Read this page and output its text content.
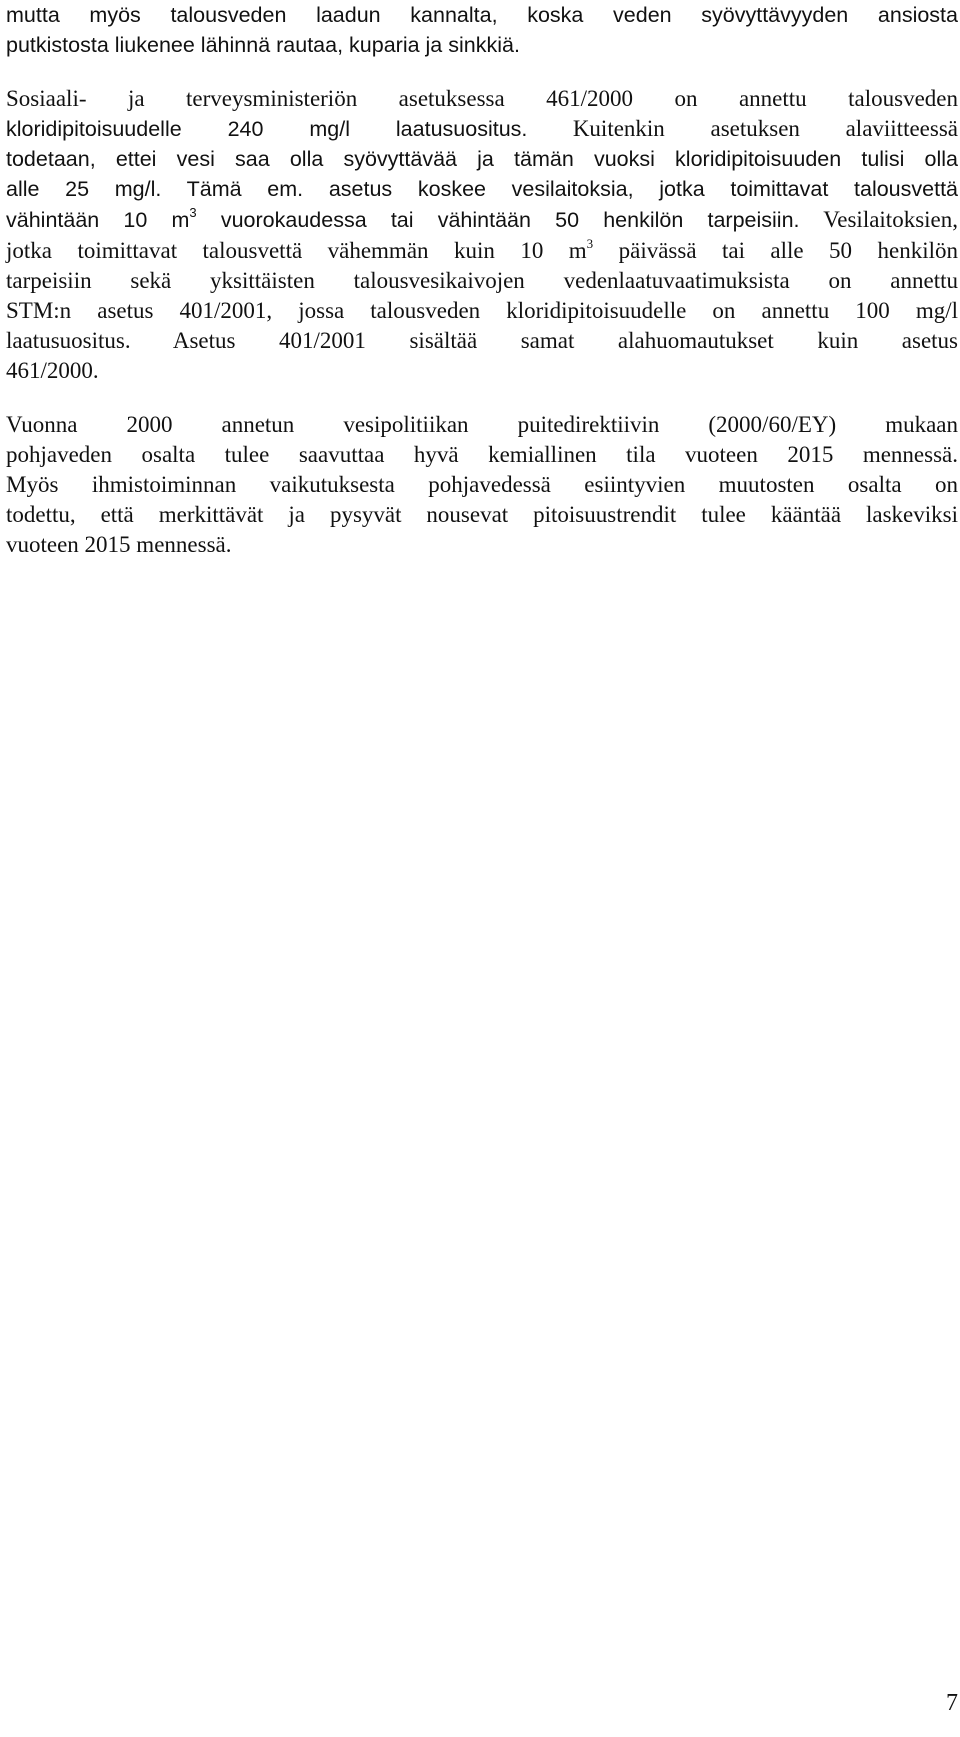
mutta myös talousveden laadun kannalta, koska veden syövyttävyyden ansiosta
putkistosta liukenee lähinnä rautaa, kuparia ja sinkkiä.
Sosiaali- ja terveysministeriön asetuksessa 461/2000 on annettu talousveden
kloridipitoisuudelle 240 mg/l laatusuositus. Kuitenkin asetuksen alaviitteessä
todetaan, ettei vesi saa olla syövyttävää ja tämän vuoksi kloridipitoisuuden tulisi olla
alle 25 mg/l. Tämä em. asetus koskee vesilaitoksia, jotka toimittavat talousvettä
vähintään 10 $m^3$ vuorokaudessa tai vähintään 50 henkilön tarpeisiin. Vesilaitoksien,
jotka toimittavat talousvettä vähemmän kuin 10 $m^3$ päivässä tai alle 50 henkilön
tarpeisiin sekä yksittäisten talousvesikaivojen vedenlaatuvaatimuksista on annettu
STM:n asetus 401/2001, jossa talousveden kloridipitoisuudelle on annettu 100 mg/l
laatusuositus. Asetus 401/2001 sisältää samat alahuomautukset kuin asetus
461/2000.
Vuonna 2000 annetun vesipolitiikan puitedirektiivin (2000/60/EY) mukaan
pohjaveden osalta tulee saavuttaa hyvä kemiallinen tila vuoteen 2015 mennessä.
Myös ihmistoiminnan vaikutuksesta pohjavedessä esiintyvien muutosten osalta on
todettu, että merkittävät ja pysyvät nousevat pitoisuustrendit tulee kääntää laskeviksi
vuoteen 2015 mennessä.
7
